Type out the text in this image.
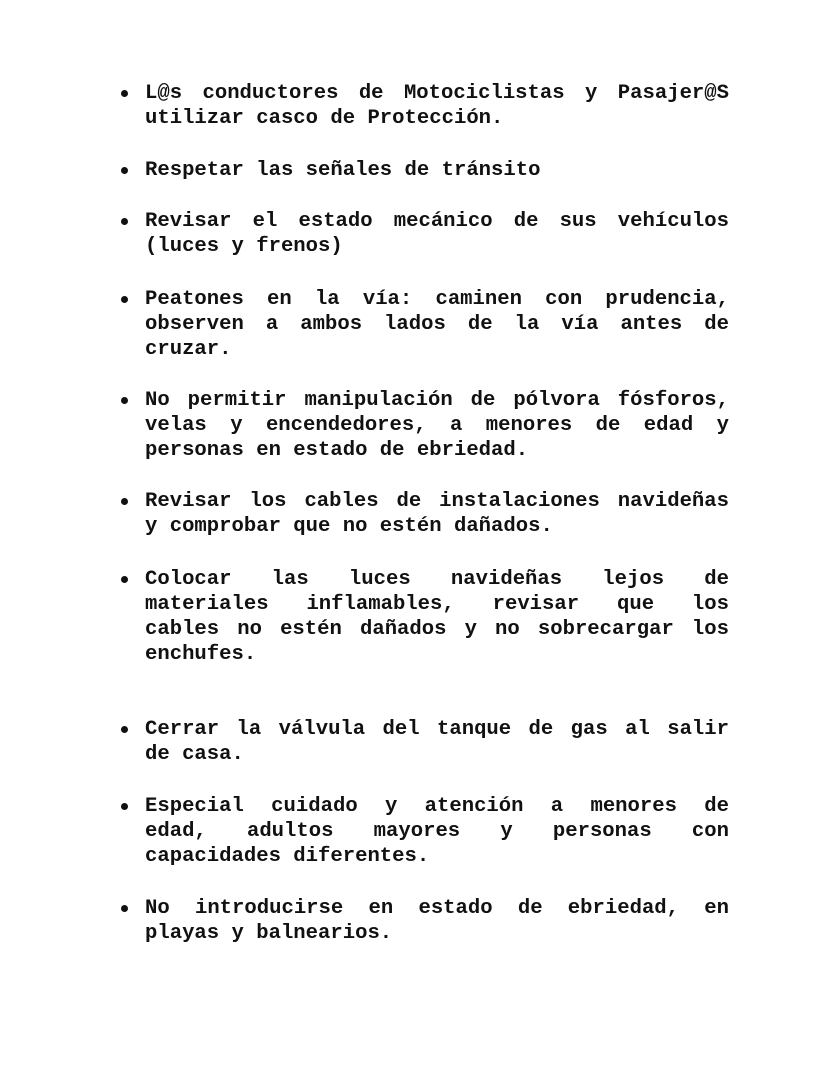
L@s conductores de Motociclistas y Pasajer@S
utilizar casco de Protección.
Respetar las señales de tránsito
Revisar el estado mecánico de sus vehículos
(luces y frenos)
Peatones en la vía: caminen con prudencia,
observen a ambos lados de la vía antes de
cruzar.
No permitir manipulación de pólvora fósforos,
velas y encendedores, a menores de edad y
personas en estado de ebriedad.
Revisar los cables de instalaciones navideñas
y comprobar que no estén dañados.
Colocar las luces navideñas lejos de
materiales inflamables, revisar que los
cables no estén dañados y no sobrecargar los
enchufes.
Cerrar la válvula del tanque de gas al salir
de casa.
Especial cuidado y atención a menores de
edad, adultos mayores y personas con
capacidades diferentes.
No introducirse en estado de ebriedad, en
playas y balnearios.
